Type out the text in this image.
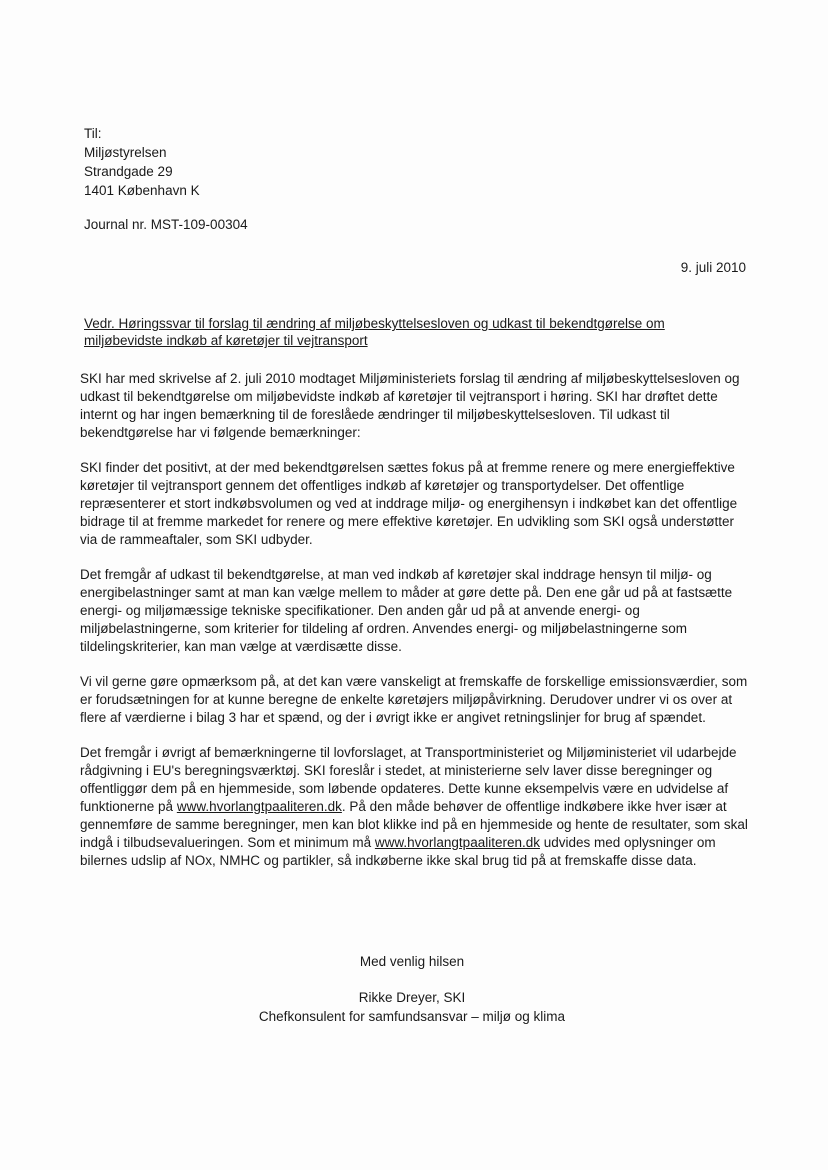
Til:
Miljøstyrelsen
Strandgade 29
1401 København K
Journal nr. MST-109-00304
9. juli 2010
Vedr. Høringssvar til forslag til ændring af miljøbeskyttelsesloven og udkast til bekendtgørelse om miljøbevidste indkøb af køretøjer til vejtransport

SKI har med skrivelse af 2. juli 2010 modtaget Miljøministeriets forslag til ændring af miljøbeskyttelsesloven og udkast til bekendtgørelse om miljøbevidste indkøb af køretøjer til vejtransport i høring. SKI har drøftet dette internt og har ingen bemærkning til de foreslåede ændringer til miljøbeskyttelsesloven. Til udkast til bekendtgørelse har vi følgende bemærkninger:

SKI finder det positivt, at der med bekendtgørelsen sættes fokus på at fremme renere og mere energieffektive køretøjer til vejtransport gennem det offentliges indkøb af køretøjer og transportydelser. Det offentlige repræsenterer et stort indkøbsvolumen og ved at inddrage miljø- og energihensyn i indkøbet kan det offentlige bidrage til at fremme markedet for renere og mere effektive køretøjer. En udvikling som SKI også understøtter via de rammeaftaler, som SKI udbyder.

Det fremgår af udkast til bekendtgørelse, at man ved indkøb af køretøjer skal inddrage hensyn til miljø- og energibelastninger samt at man kan vælge mellem to måder at gøre dette på. Den ene går ud på at fastsætte energi- og miljømæssige tekniske specifikationer. Den anden går ud på at anvende energi- og miljøbelastningerne, som kriterier for tildeling af ordren. Anvendes energi- og miljøbelastningerne som tildelingskriterier, kan man vælge at værdisætte disse.

Vi vil gerne gøre opmærksom på, at det kan være vanskeligt at fremskaffe de forskellige emissionsværdier, som er forudsætningen for at kunne beregne de enkelte køretøjers miljøpåvirkning. Derudover undrer vi os over at flere af værdierne i bilag 3 har et spænd, og der i øvrigt ikke er angivet retningslinjer for brug af spændet.

Det fremgår i øvrigt af bemærkningerne til lovforslaget, at Transportministeriet og Miljøministeriet vil udarbejde rådgivning i EU's beregningsværktøj. SKI foreslår i stedet, at ministerierne selv laver disse beregninger og offentliggør dem på en hjemmeside, som løbende opdateres. Dette kunne eksempelvis være en udvidelse af funktionerne på www.hvorlangtpaaliteren.dk. På den måde behøver de offentlige indkøbere ikke hver især at gennemføre de samme beregninger, men kan blot klikke ind på en hjemmeside og hente de resultater, som skal indgå i tilbudsevalueringen. Som et minimum må www.hvorlangtpaaliteren.dk udvides med oplysninger om bilernes udslip af NOx, NMHC og partikler, så indkøberne ikke skal brug tid på at fremskaffe disse data.

Med venlig hilsen
Rikke Dreyer, SKI
Chefkonsulent for samfundsansvar – miljø og klima
